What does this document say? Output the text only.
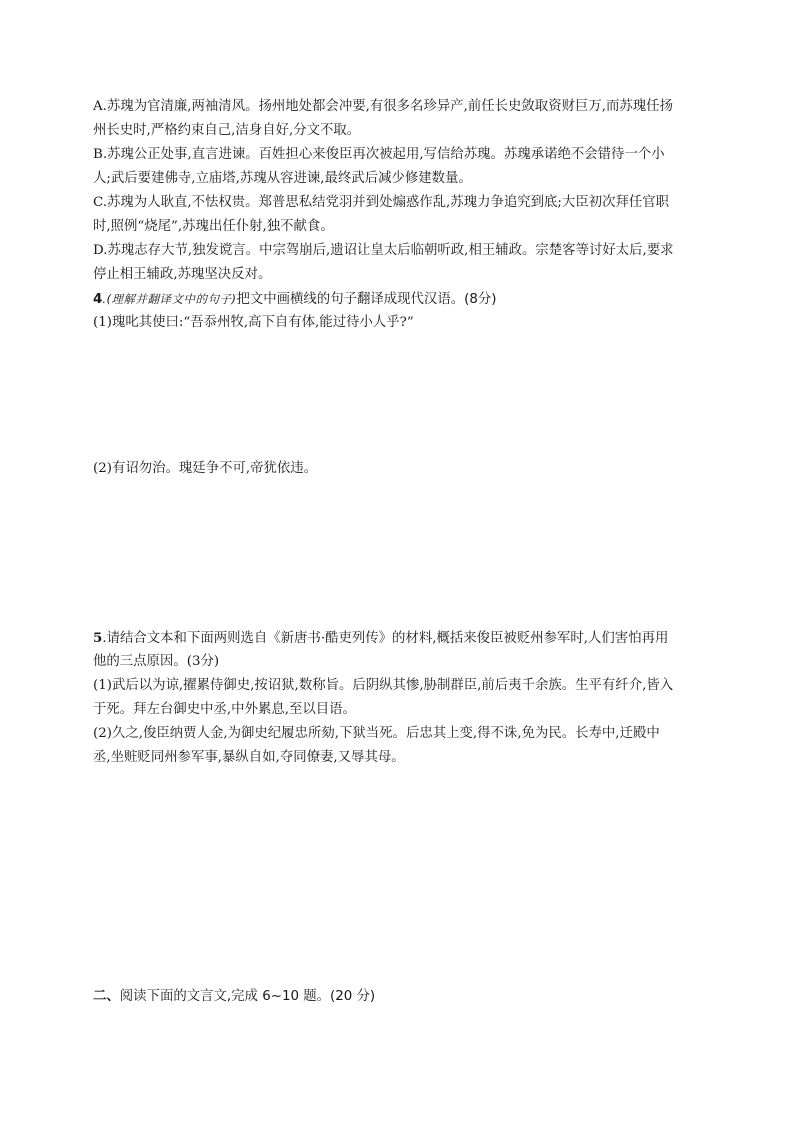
A.苏瑰为官清廉,两袖清风。扬州地处都会冲要,有很多名珍异产,前任长史敛取资财巨万,而苏瑰任扬
州长史时,严格约束自己,洁身自好,分文不取。
B.苏瑰公正处事,直言进谏。百姓担心来俊臣再次被起用,写信给苏瑰。苏瑰承诺绝不会错待一个小
人;武后要建佛寺,立庙塔,苏瑰从容进谏,最终武后减少修建数量。
C.苏瑰为人耿直,不怯权贵。郑普思私结党羽并到处煽惑作乱,苏瑰力争追究到底;大臣初次拜任官职
时,照例“烧尾”,苏瑰出任仆射,独不献食。
D.苏瑰志存大节,独发谠言。中宗驾崩后,遗诏让皇太后临朝听政,相王辅政。宗楚客等讨好太后,要求
停止相王辅政,苏瑰坚决反对。
4.(理解并翻译文中的句子)把文中画横线的句子翻译成现代汉语。(8分)
(1)瑰叱其使曰:“吾忝州牧,高下自有体,能过待小人乎?”
(2)有诏勿治。瑰廷争不可,帝犹依违。
5.请结合文本和下面两则选自《新唐书·酷吏列传》的材料,概括来俊臣被贬州参军时,人们害怕再用
他的三点原因。(3分)
(1)武后以为谅,擢累侍御史,按诏狱,数称旨。后阴纵其惨,胁制群臣,前后夷千余族。生平有纤介,皆入
于死。拜左台御史中丞,中外累息,至以目语。
(2)久之,俊臣纳贾人金,为御史纪履忠所劾,下狱当死。后忠其上变,得不诛,免为民。长寿中,迁殿中
丞,坐赃贬同州参军事,暴纵自如,夺同僚妻,又辱其母。
二、阅读下面的文言文,完成 6~10 题。(20 分)
